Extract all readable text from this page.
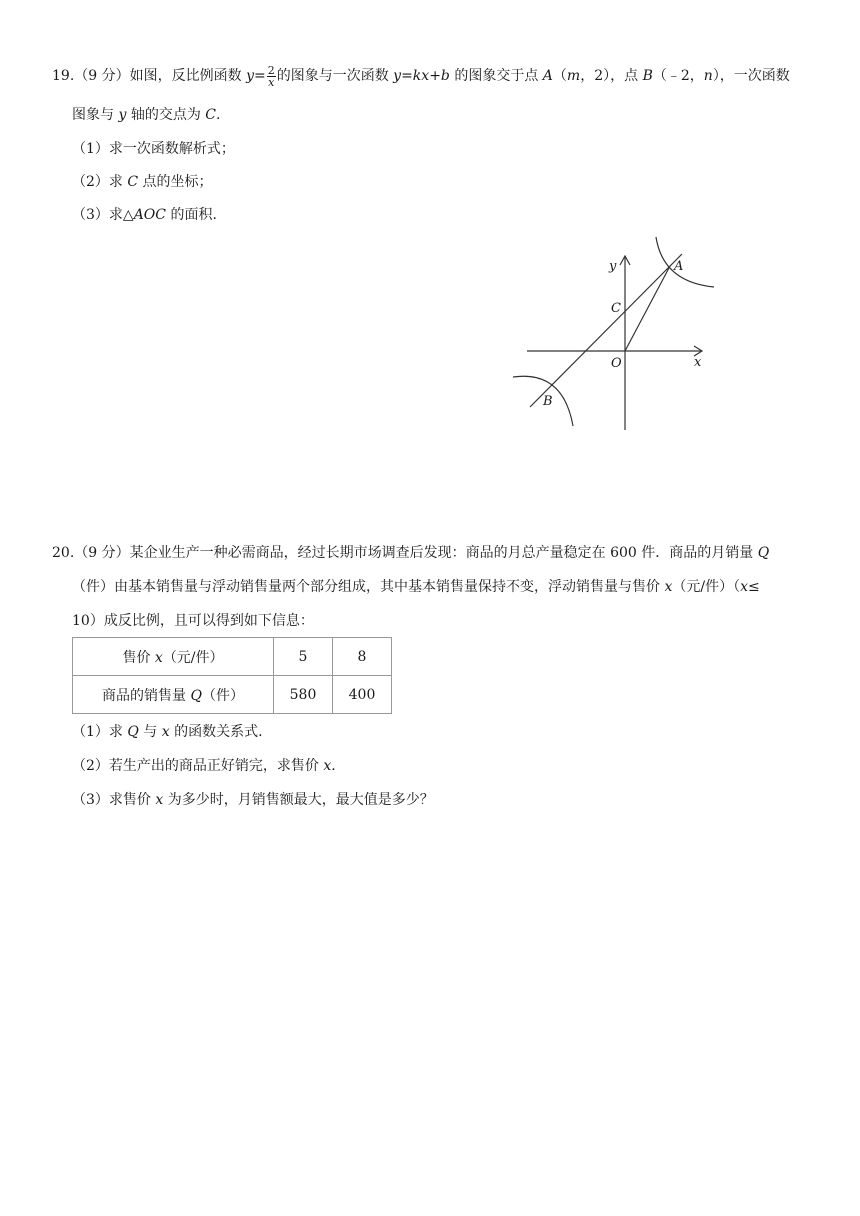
19.（9 分）如图，反比例函数 $y= \frac{2}{x}$ 的图象与一次函数 y=kx+b 的图象交于点 A（m，2），点 B（﹣2，n），一次函数
图象与 y 轴的交点为 C.
（1）求一次函数解析式；
（2）求 C 点的坐标；
（3）求△AOC 的面积.
y
x
O
A
B
C
20.（9 分）某企业生产一种必需商品，经过长期市场调查后发现：商品的月总产量稳定在 600 件．商品的月销量 Q
（件）由基本销售量与浮动销售量两个部分组成，其中基本销售量保持不变，浮动销售量与售价 x（元/件）（x≤
10）成反比例，且可以得到如下信息：
售价 x（元/件）	5	8
商品的销售量 Q（件）	580	400
（1）求 Q 与 x 的函数关系式.
（2）若生产出的商品正好销完，求售价 x.
（3）求售价 x 为多少时，月销售额最大，最大值是多少？
